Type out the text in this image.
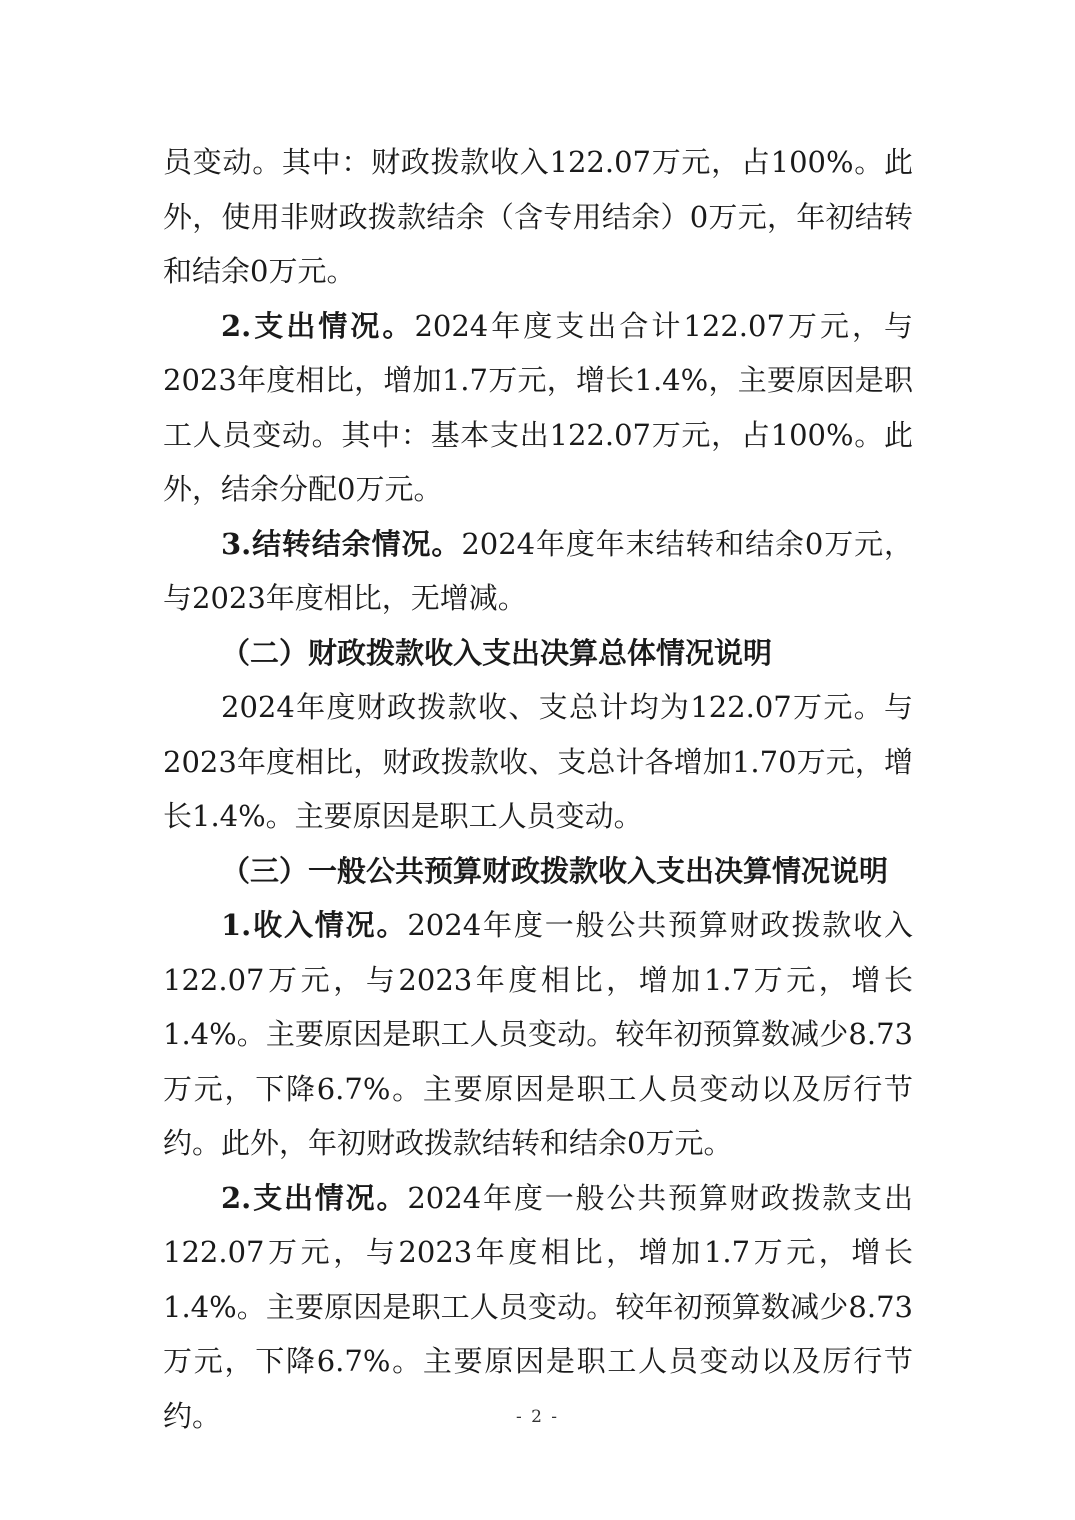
员变动。其中：财政拨款收入122.07万元，占100%。此外，使用非财政拨款结余（含专用结余）0万元，年初结转和结余0万元。

2.支出情况。2024年度支出合计122.07万元，与2023年度相比，增加1.7万元，增长1.4%，主要原因是职工人员变动。其中：基本支出122.07万元，占100%。此外，结余分配0万元。

3.结转结余情况。2024年度年末结转和结余0万元，与2023年度相比，无增减。

（二）财政拨款收入支出决算总体情况说明

2024年度财政拨款收、支总计均为122.07万元。与2023年度相比，财政拨款收、支总计各增加1.70万元，增长1.4%。主要原因是职工人员变动。

（三）一般公共预算财政拨款收入支出决算情况说明

1.收入情况。2024年度一般公共预算财政拨款收入122.07万元，与2023年度相比，增加1.7万元，增长1.4%。主要原因是职工人员变动。较年初预算数减少8.73万元，下降6.7%。主要原因是职工人员变动以及厉行节约。此外，年初财政拨款结转和结余0万元。

2.支出情况。2024年度一般公共预算财政拨款支出122.07万元，与2023年度相比，增加1.7万元，增长1.4%。主要原因是职工人员变动。较年初预算数减少8.73万元，下降6.7%。主要原因是职工人员变动以及厉行节约。	- 2 -
